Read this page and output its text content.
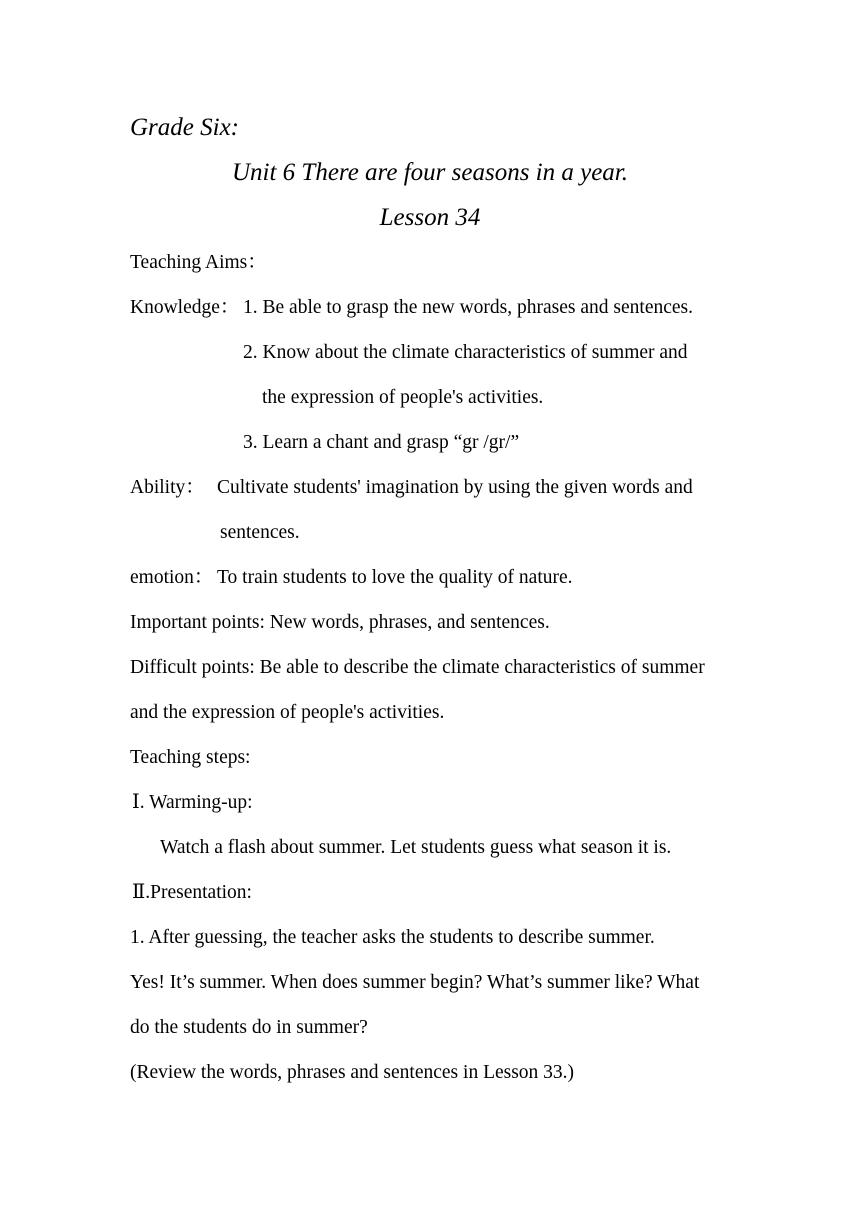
Grade Six:
Unit 6 There are four seasons in a year.
Lesson 34
Teaching Aims：
Knowledge： 1. Be able to grasp the new words, phrases and sentences.
2. Know about the climate characteristics of summer and
the expression of people's activities.
3. Learn a chant and grasp “gr /gr/”
Ability： Cultivate students' imagination by using the given words and
sentences.
emotion： To train students to love the quality of nature.
Important points: New words, phrases, and sentences.
Difficult points: Be able to describe the climate characteristics of summer
and the expression of people's activities.
Teaching steps:
Ⅰ. Warming-up:
Watch a flash about summer. Let students guess what season it is.
Ⅱ.Presentation:
1. After guessing, the teacher asks the students to describe summer.
Yes! It’s summer. When does summer begin? What’s summer like? What
do the students do in summer?
(Review the words, phrases and sentences in Lesson 33.)
